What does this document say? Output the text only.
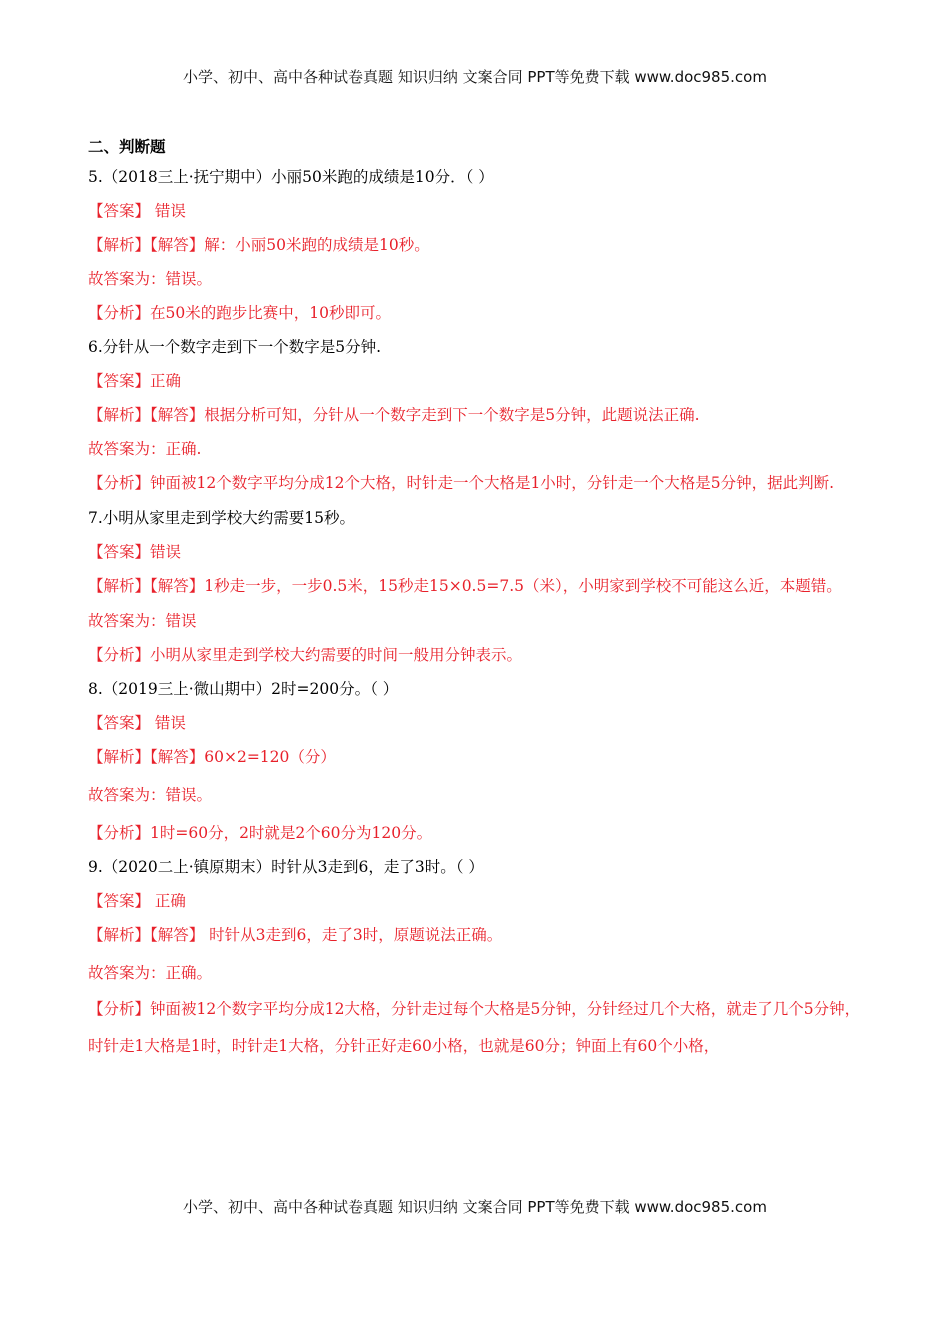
小学、初中、高中各种试卷真题 知识归纳 文案合同 PPT等免费下载 www.doc985.com

二、判断题

5.（2018三上·抚宁期中）小丽50米跑的成绩是10分．（ ）

【答案】 错误

【解析】【解答】解：小丽50米跑的成绩是10秒。

故答案为：错误。

【分析】在50米的跑步比赛中，10秒即可。

6.分针从一个数字走到下一个数字是5分钟.

【答案】正确

【解析】【解答】根据分析可知，分针从一个数字走到下一个数字是5分钟，此题说法正确.

故答案为：正确.

【分析】钟面被12个数字平均分成12个大格，时针走一个大格是1小时，分针走一个大格是5分钟，据此判断.

7.小明从家里走到学校大约需要15秒。

【答案】错误

【解析】【解答】1秒走一步，一步0.5米，15秒走15×0.5=7.5（米），小明家到学校不可能这么近，本题错。

故答案为：错误

【分析】小明从家里走到学校大约需要的时间一般用分钟表示。

8.（2019三上·微山期中）2时=200分。（ ）

【答案】 错误

【解析】【解答】60×2=120（分）

故答案为：错误。

【分析】1时=60分，2时就是2个60分为120分。

9.（2020二上·镇原期末）时针从3走到6，走了3时。（ ）

【答案】 正确

【解析】【解答】 时针从3走到6，走了3时，原题说法正确。

故答案为：正确。

【分析】钟面被12个数字平均分成12大格，分针走过每个大格是5分钟，分针经过几个大格，就走了几个5分钟，时针走1大格是1时，时针走1大格，分针正好走60小格，也就是60分；钟面上有60个小格，

小学、初中、高中各种试卷真题 知识归纳 文案合同 PPT等免费下载 www.doc985.com
